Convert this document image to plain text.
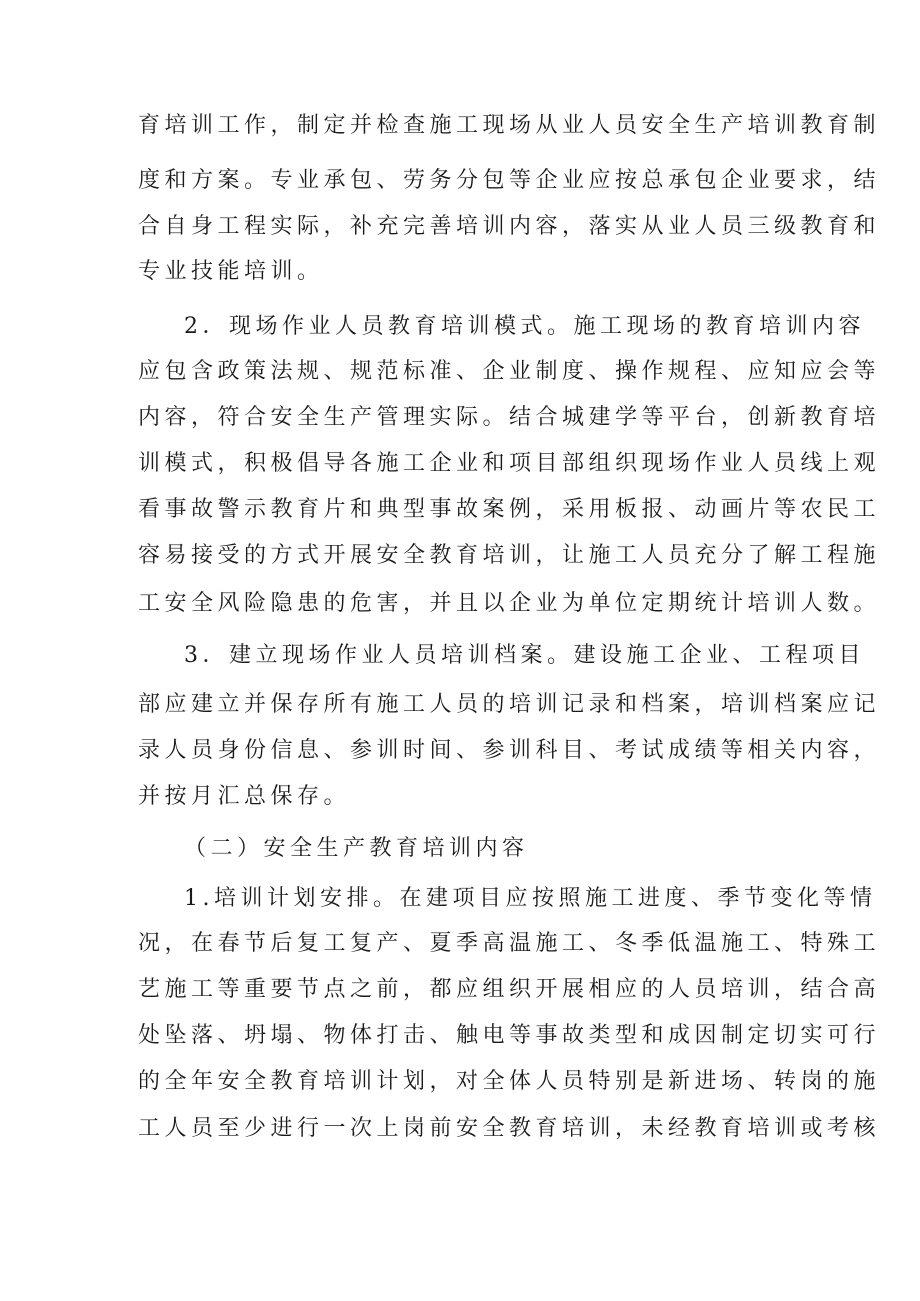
育培训工作，制定并检查施工现场从业人员安全生产培训教育制
度和方案。专业承包、劳务分包等企业应按总承包企业要求，结
合自身工程实际，补充完善培训内容，落实从业人员三级教育和
专业技能培训。
2．现场作业人员教育培训模式。施工现场的教育培训内容
应包含政策法规、规范标准、企业制度、操作规程、应知应会等
内容，符合安全生产管理实际。结合城建学等平台，创新教育培
训模式，积极倡导各施工企业和项目部组织现场作业人员线上观
看事故警示教育片和典型事故案例，采用板报、动画片等农民工
容易接受的方式开展安全教育培训，让施工人员充分了解工程施
工安全风险隐患的危害，并且以企业为单位定期统计培训人数。
3．建立现场作业人员培训档案。建设施工企业、工程项目
部应建立并保存所有施工人员的培训记录和档案，培训档案应记
录人员身份信息、参训时间、参训科目、考试成绩等相关内容，
并按月汇总保存。
（二）安全生产教育培训内容
1.培训计划安排。在建项目应按照施工进度、季节变化等情
况，在春节后复工复产、夏季高温施工、冬季低温施工、特殊工
艺施工等重要节点之前，都应组织开展相应的人员培训，结合高
处坠落、坍塌、物体打击、触电等事故类型和成因制定切实可行
的全年安全教育培训计划，对全体人员特别是新进场、转岗的施
工人员至少进行一次上岗前安全教育培训，未经教育培训或考核
